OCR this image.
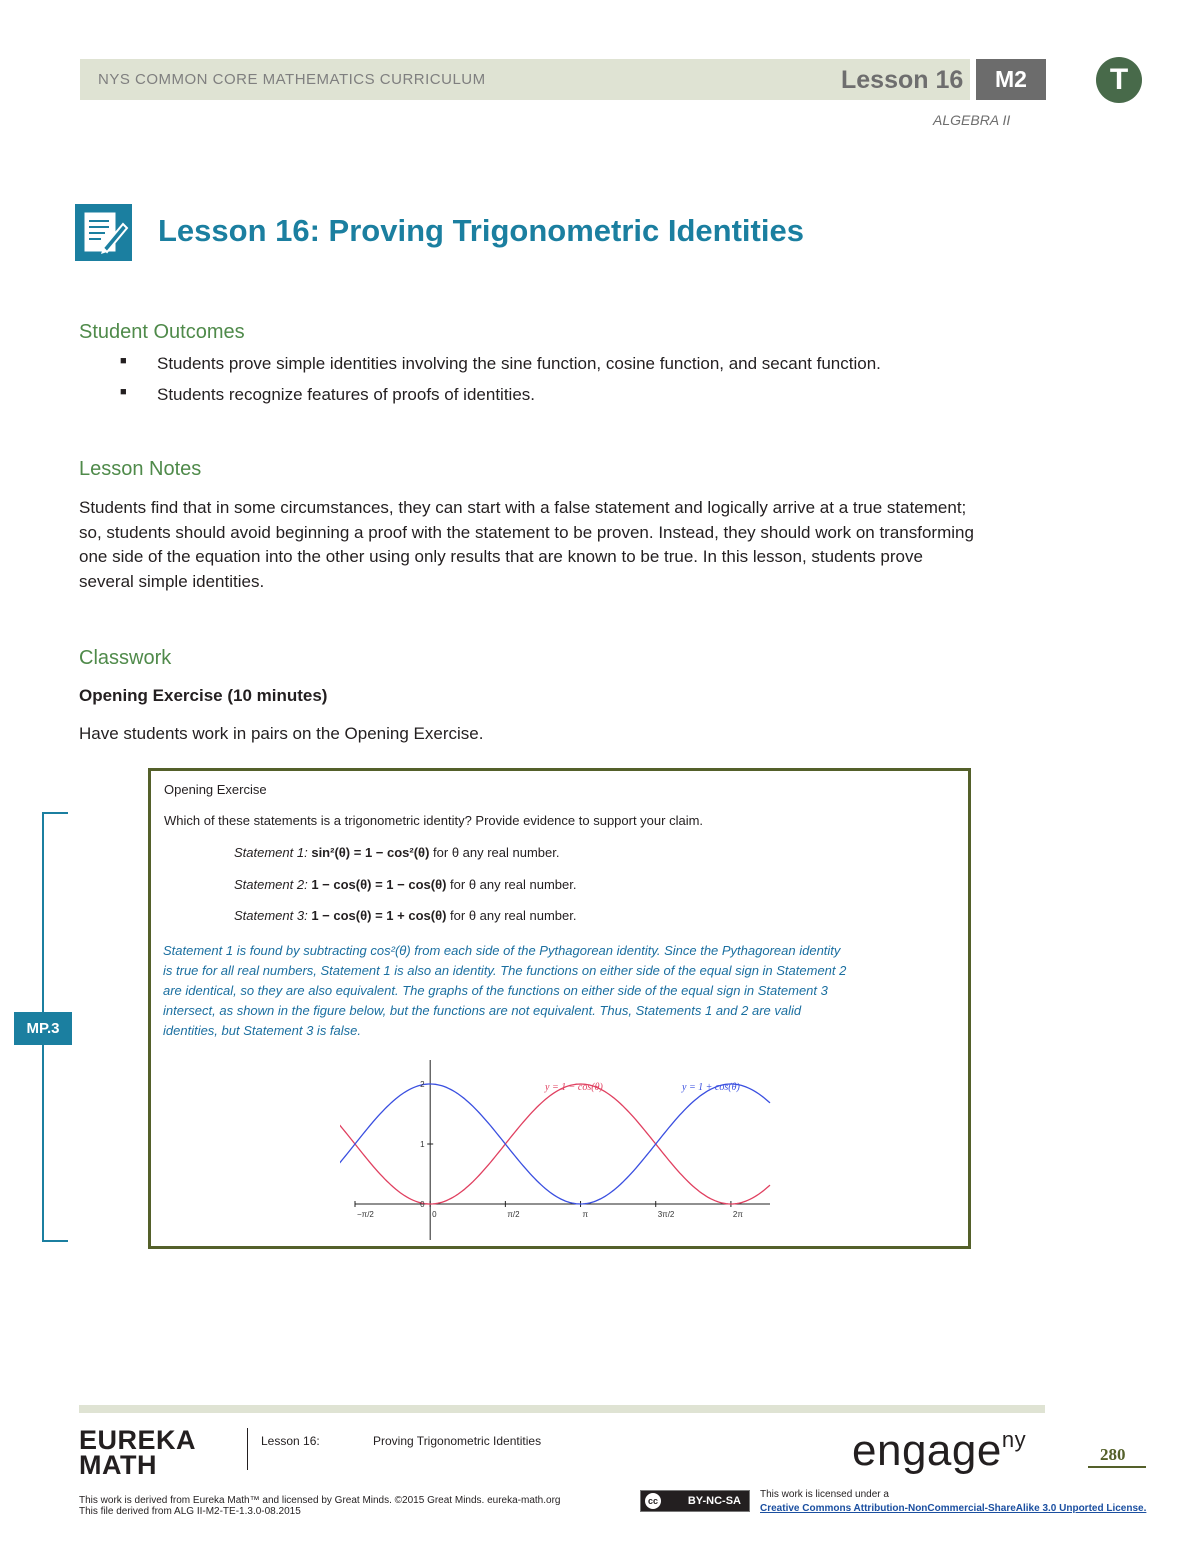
NYS COMMON CORE MATHEMATICS CURRICULUM	Lesson 16	M2	T
ALGEBRA II
Lesson 16: Proving Trigonometric Identities
Student Outcomes
■ Students prove simple identities involving the sine function, cosine function, and secant function.
■ Students recognize features of proofs of identities.
Lesson Notes
Students find that in some circumstances, they can start with a false statement and logically arrive at a true statement;
so, students should avoid beginning a proof with the statement to be proven. Instead, they should work on transforming
one side of the equation into the other using only results that are known to be true. In this lesson, students prove
several simple identities.
Classwork
Opening Exercise (10 minutes)
Have students work in pairs on the Opening Exercise.
MP.3
Opening Exercise
Which of these statements is a trigonometric identity? Provide evidence to support your claim.
Statement 1: sin²(θ) = 1 − cos²(θ) for θ any real number.
Statement 2: 1 − cos(θ) = 1 − cos(θ) for θ any real number.
Statement 3: 1 − cos(θ) = 1 + cos(θ) for θ any real number.
Statement 1 is found by subtracting cos²(θ) from each side of the Pythagorean identity. Since the Pythagorean identity
is true for all real numbers, Statement 1 is also an identity. The functions on either side of the equal sign in Statement 2
are identical, so they are also equivalent. The graphs of the functions on either side of the equal sign in Statement 3
intersect, as shown in the figure below, but the functions are not equivalent. Thus, Statements 1 and 2 are valid
identities, but Statement 3 is false.
−π/2	0	π/2	π	3π/2	2π
0
1
2	y = 1 − cos(θ)	y = 1 + cos(θ)
EUREKA
MATH
Lesson 16:	Proving Trigonometric Identities	engage$^{ny}$
280
This work is derived from Eureka Math™ and licensed by Great Minds. ©2015 Great Minds. eureka-math.org
This file derived from ALG II-M2-TE-1.3.0-08.2015
cc	BY-NC-SA
This work is licensed under a
Creative Commons Attribution-NonCommercial-ShareAlike 3.0 Unported License.
